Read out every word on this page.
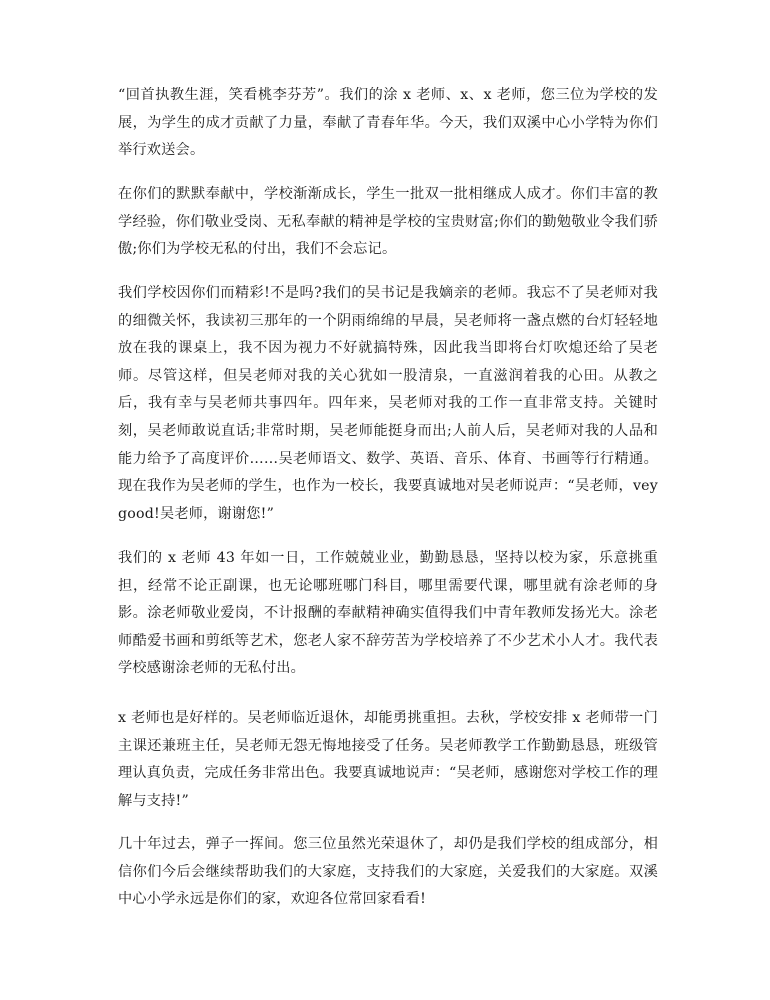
“回首执教生涯，笑看桃李芬芳”。我们的涂 x 老师、x、x 老师，您三位为学校的发展，为学生的成才贡献了力量，奉献了青春年华。今天，我们双溪中心小学特为你们举行欢送会。

在你们的默默奉献中，学校渐渐成长，学生一批双一批相继成人成才。你们丰富的教学经验，你们敬业受岗、无私奉献的精神是学校的宝贵财富;你们的勤勉敬业令我们骄傲;你们为学校无私的付出，我们不会忘记。

我们学校因你们而精彩!不是吗?我们的吴书记是我嫡亲的老师。我忘不了吴老师对我的细微关怀，我读初三那年的一个阴雨绵绵的早晨，吴老师将一盏点燃的台灯轻轻地放在我的课桌上，我不因为视力不好就搞特殊，因此我当即将台灯吹熄还给了吴老师。尽管这样，但吴老师对我的关心犹如一股清泉，一直滋润着我的心田。从教之后，我有幸与吴老师共事四年。四年来，吴老师对我的工作一直非常支持。关键时刻，吴老师敢说直话;非常时期，吴老师能挺身而出;人前人后，吴老师对我的人品和能力给予了高度评价……吴老师语文、数学、英语、音乐、体育、书画等行行精通。现在我作为吴老师的学生，也作为一校长，我要真诚地对吴老师说声：“吴老师，vey good!吴老师，谢谢您!”

我们的 x 老师 43 年如一日，工作兢兢业业，勤勤恳恳，坚持以校为家，乐意挑重担，经常不论正副课，也无论哪班哪门科目，哪里需要代课，哪里就有涂老师的身影。涂老师敬业爱岗，不计报酬的奉献精神确实值得我们中青年教师发扬光大。涂老师酷爱书画和剪纸等艺术，您老人家不辞劳苦为学校培养了不少艺术小人才。我代表学校感谢涂老师的无私付出。

x 老师也是好样的。吴老师临近退休，却能勇挑重担。去秋，学校安排 x 老师带一门主课还兼班主任，吴老师无怨无悔地接受了任务。吴老师教学工作勤勤恳恳，班级管理认真负责，完成任务非常出色。我要真诚地说声：“吴老师，感谢您对学校工作的理解与支持!”

几十年过去，弹子一挥间。您三位虽然光荣退休了，却仍是我们学校的组成部分，相信你们今后会继续帮助我们的大家庭，支持我们的大家庭，关爱我们的大家庭。双溪中心小学永远是你们的家，欢迎各位常回家看看!
